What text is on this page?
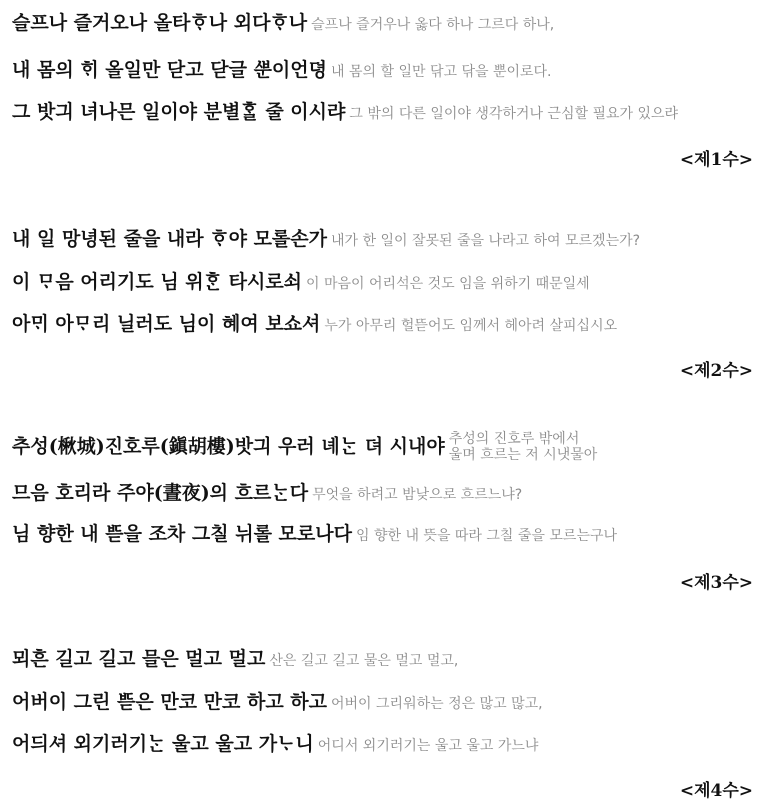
슬프나 즐거오나 올타ᄒᆞ나 외다ᄒᆞ나 슬프나 즐거우나 옳다 하나 그르다 하나,
내 몸의 ᄒᆡ 올일만 닫고 닫글 ᄲᅮᆫ이언뎡 내 몸의 할 일만 닦고 닦을 뿐이로다.
그 밧긔 녀나믄 일이야 분별ᄒᆞᆯ 줄 이시랴 그 밖의 다른 일이야 생각하거나 근심할 필요가 있으랴
<제1수>
내 일 망녕된 줄을 내라 ᄒᆞ야 모롤손가 내가 한 일이 잘못된 줄을 나라고 하여 모르겠는가?
이 ᄆᆞ음 어리기도 님 위ᄒᆞᆫ 타시로쇠 이 마음이 어리석은 것도 임을 위하기 때문일세
아ᄆᆡ 아ᄆᆞ리 닐러도 님이 혜여 보쇼셔 누가 아무리 헐뜯어도 임께서 헤아려 살피십시오
<제2수>
추성(楸城)진호루(鎭胡樓)밧긔 우러 녜ᄂᆞᆫ 뎌 시내야 추성의 진호루 밖에서
울며 흐르는 저 시냇물아
므음 호리라 주야(晝夜)의 흐르ᄂᆞᆫ다 무엇을 하려고 밤낮으로 흐르느냐?
님 향한 내 ᄠᅳᆮ을 조차 그칠 뉘롤 모로나다 임 향한 내 뜻을 따라 그칠 줄을 모르는구나
<제3수>
뫼흔 길고 길고 믈은 멀고 멀고 산은 길고 길고 물은 멀고 멀고,
어버이 그린 ᄠᅳᆮ은 만코 만코 하고 하고 어버이 그리워하는 정은 많고 많고,
어듸셔 외기러기ᄂᆞᆫ 울고 울고 가ᄂᆞ니 어디서 외기러기는 울고 울고 가느냐
<제4수>
